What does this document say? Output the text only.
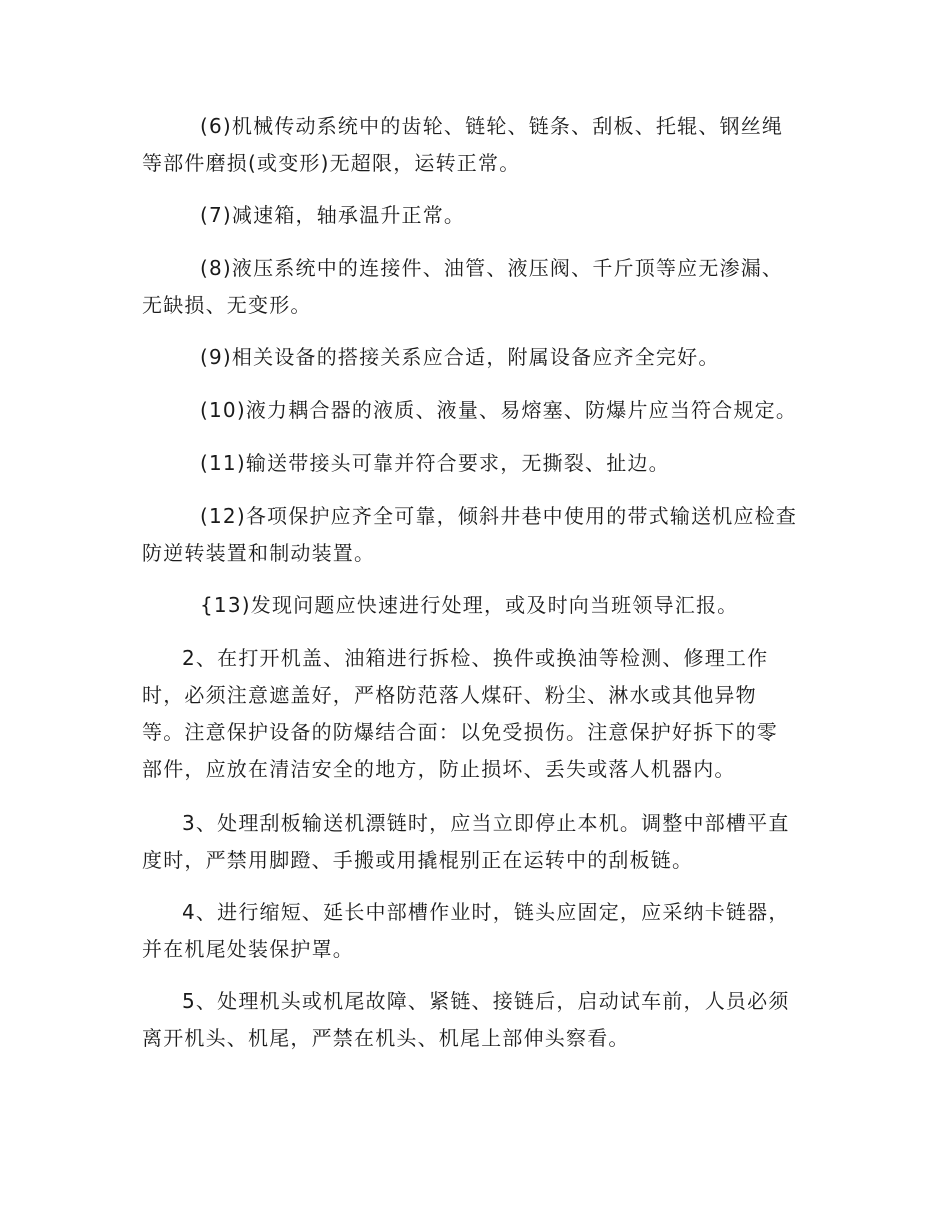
(6)机械传动系统中的齿轮、链轮、链条、刮板、托辊、钢丝绳
等部件磨损(或变形)无超限，运转正常。

(7)减速箱，轴承温升正常。

(8)液压系统中的连接件、油管、液压阀、千斤顶等应无渗漏、
无缺损、无变形。

(9)相关设备的搭接关系应合适，附属设备应齐全完好。

(10)液力耦合器的液质、液量、易熔塞、防爆片应当符合规定。

(11)输送带接头可靠并符合要求，无撕裂、扯边。

(12)各项保护应齐全可靠，倾斜井巷中使用的带式输送机应检查
防逆转装置和制动装置。

{13)发现问题应快速进行处理，或及时向当班领导汇报。

2、在打开机盖、油箱进行拆检、换件或换油等检测、修理工作
时，必须注意遮盖好，严格防范落人煤矸、粉尘、淋水或其他异物
等。注意保护设备的防爆结合面：以免受损伤。注意保护好拆下的零
部件，应放在清洁安全的地方，防止损坏、丢失或落人机器内。

3、处理刮板输送机漂链时，应当立即停止本机。调整中部槽平直
度时，严禁用脚蹬、手搬或用撬棍别正在运转中的刮板链。

4、进行缩短、延长中部槽作业时，链头应固定，应采纳卡链器，
并在机尾处装保护罩。

5、处理机头或机尾故障、紧链、接链后，启动试车前，人员必须
离开机头、机尾，严禁在机头、机尾上部伸头察看。
